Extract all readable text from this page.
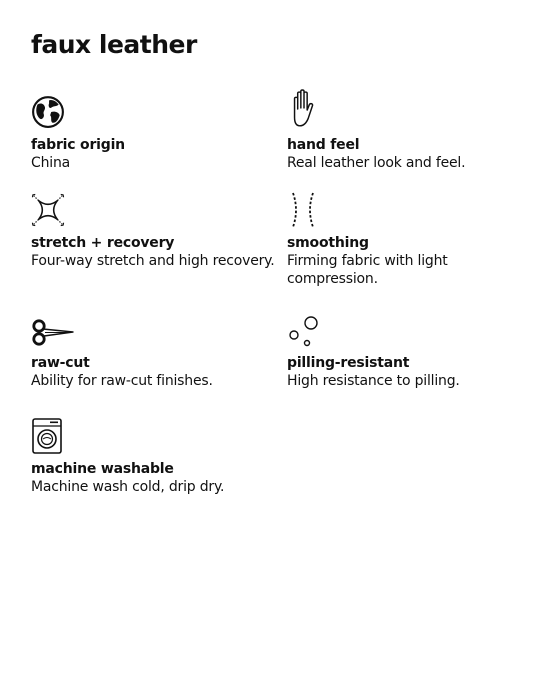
faux leather
fabric origin
China
hand feel
Real leather look and feel.
stretch + recovery
Four-way stretch and high recovery.
smoothing
Firming fabric with light compression.
raw-cut
Ability for raw-cut finishes.
pilling-resistant
High resistance to pilling.
machine washable
Machine wash cold, drip dry.
